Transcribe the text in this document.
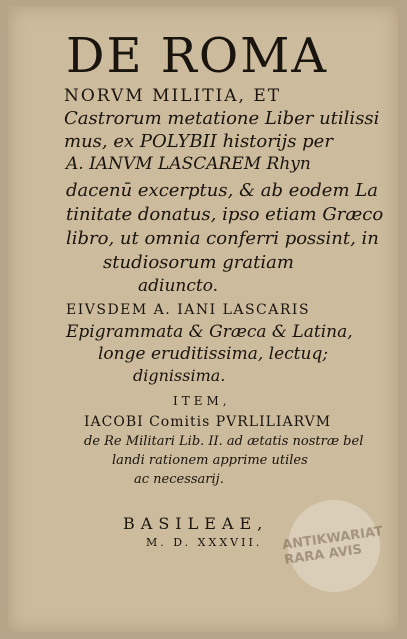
DE ROMA
NORVM MILITIA, ET
Castrorum metatione Liber utilissi
mus, ex POLYBII historijs per
A. IANVM LASCAREM Rhyn
dacenū excerptus, & ab eodem La
tinitate donatus, ipso etiam Græco
libro, ut omnia conferri possint, in
studiosorum gratiam
adiuncto.
EIVSDEM A. IANI LASCARIS
Epigrammata & Græca & Latina,
longe eruditissima, lectuq;
dignissima.
ITEM,
IACOBI Comitis PVRLILIARVM
de Re Militari Lib. II. ad ætatis nostræ bel
landi rationem apprime utiles
ac necessarij.
ANTIKWARIAT RARA AVIS
BASILEAE,
M. D. XXXVII.
